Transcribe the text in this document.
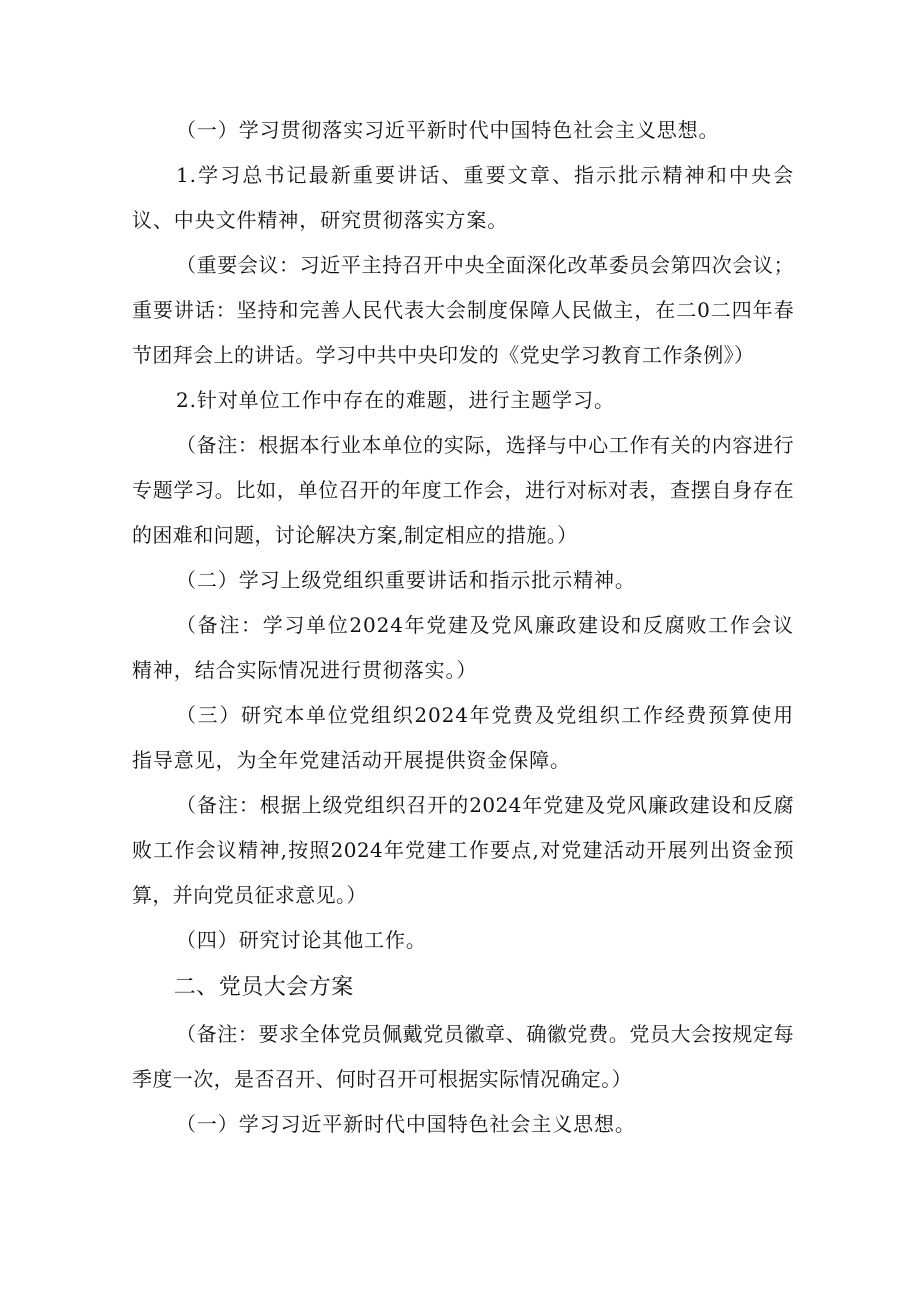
（一）学习贯彻落实习近平新时代中国特色社会主义思想。

1.学习总书记最新重要讲话、重要文章、指示批示精神和中央会议、中央文件精神，研究贯彻落实方案。

（重要会议：习近平主持召开中央全面深化改革委员会第四次会议；重要讲话：坚持和完善人民代表大会制度保障人民做主，在二0二四年春节团拜会上的讲话。学习中共中央印发的《党史学习教育工作条例》）

2.针对单位工作中存在的难题，进行主题学习。

（备注：根据本行业本单位的实际，选择与中心工作有关的内容进行专题学习。比如，单位召开的年度工作会，进行对标对表，查摆自身存在的困难和问题，讨论解决方案,制定相应的措施。）

（二）学习上级党组织重要讲话和指示批示精神。

（备注：学习单位2024年党建及党风廉政建设和反腐败工作会议精神，结合实际情况进行贯彻落实。）

（三）研究本单位党组织2024年党费及党组织工作经费预算使用指导意见，为全年党建活动开展提供资金保障。

（备注：根据上级党组织召开的2024年党建及党风廉政建设和反腐败工作会议精神,按照2024年党建工作要点,对党建活动开展列出资金预算，并向党员征求意见。）

（四）研究讨论其他工作。

二、党员大会方案

（备注：要求全体党员佩戴党员徽章、确徽党费。党员大会按规定每季度一次，是否召开、何时召开可根据实际情况确定。）

（一）学习习近平新时代中国特色社会主义思想。
